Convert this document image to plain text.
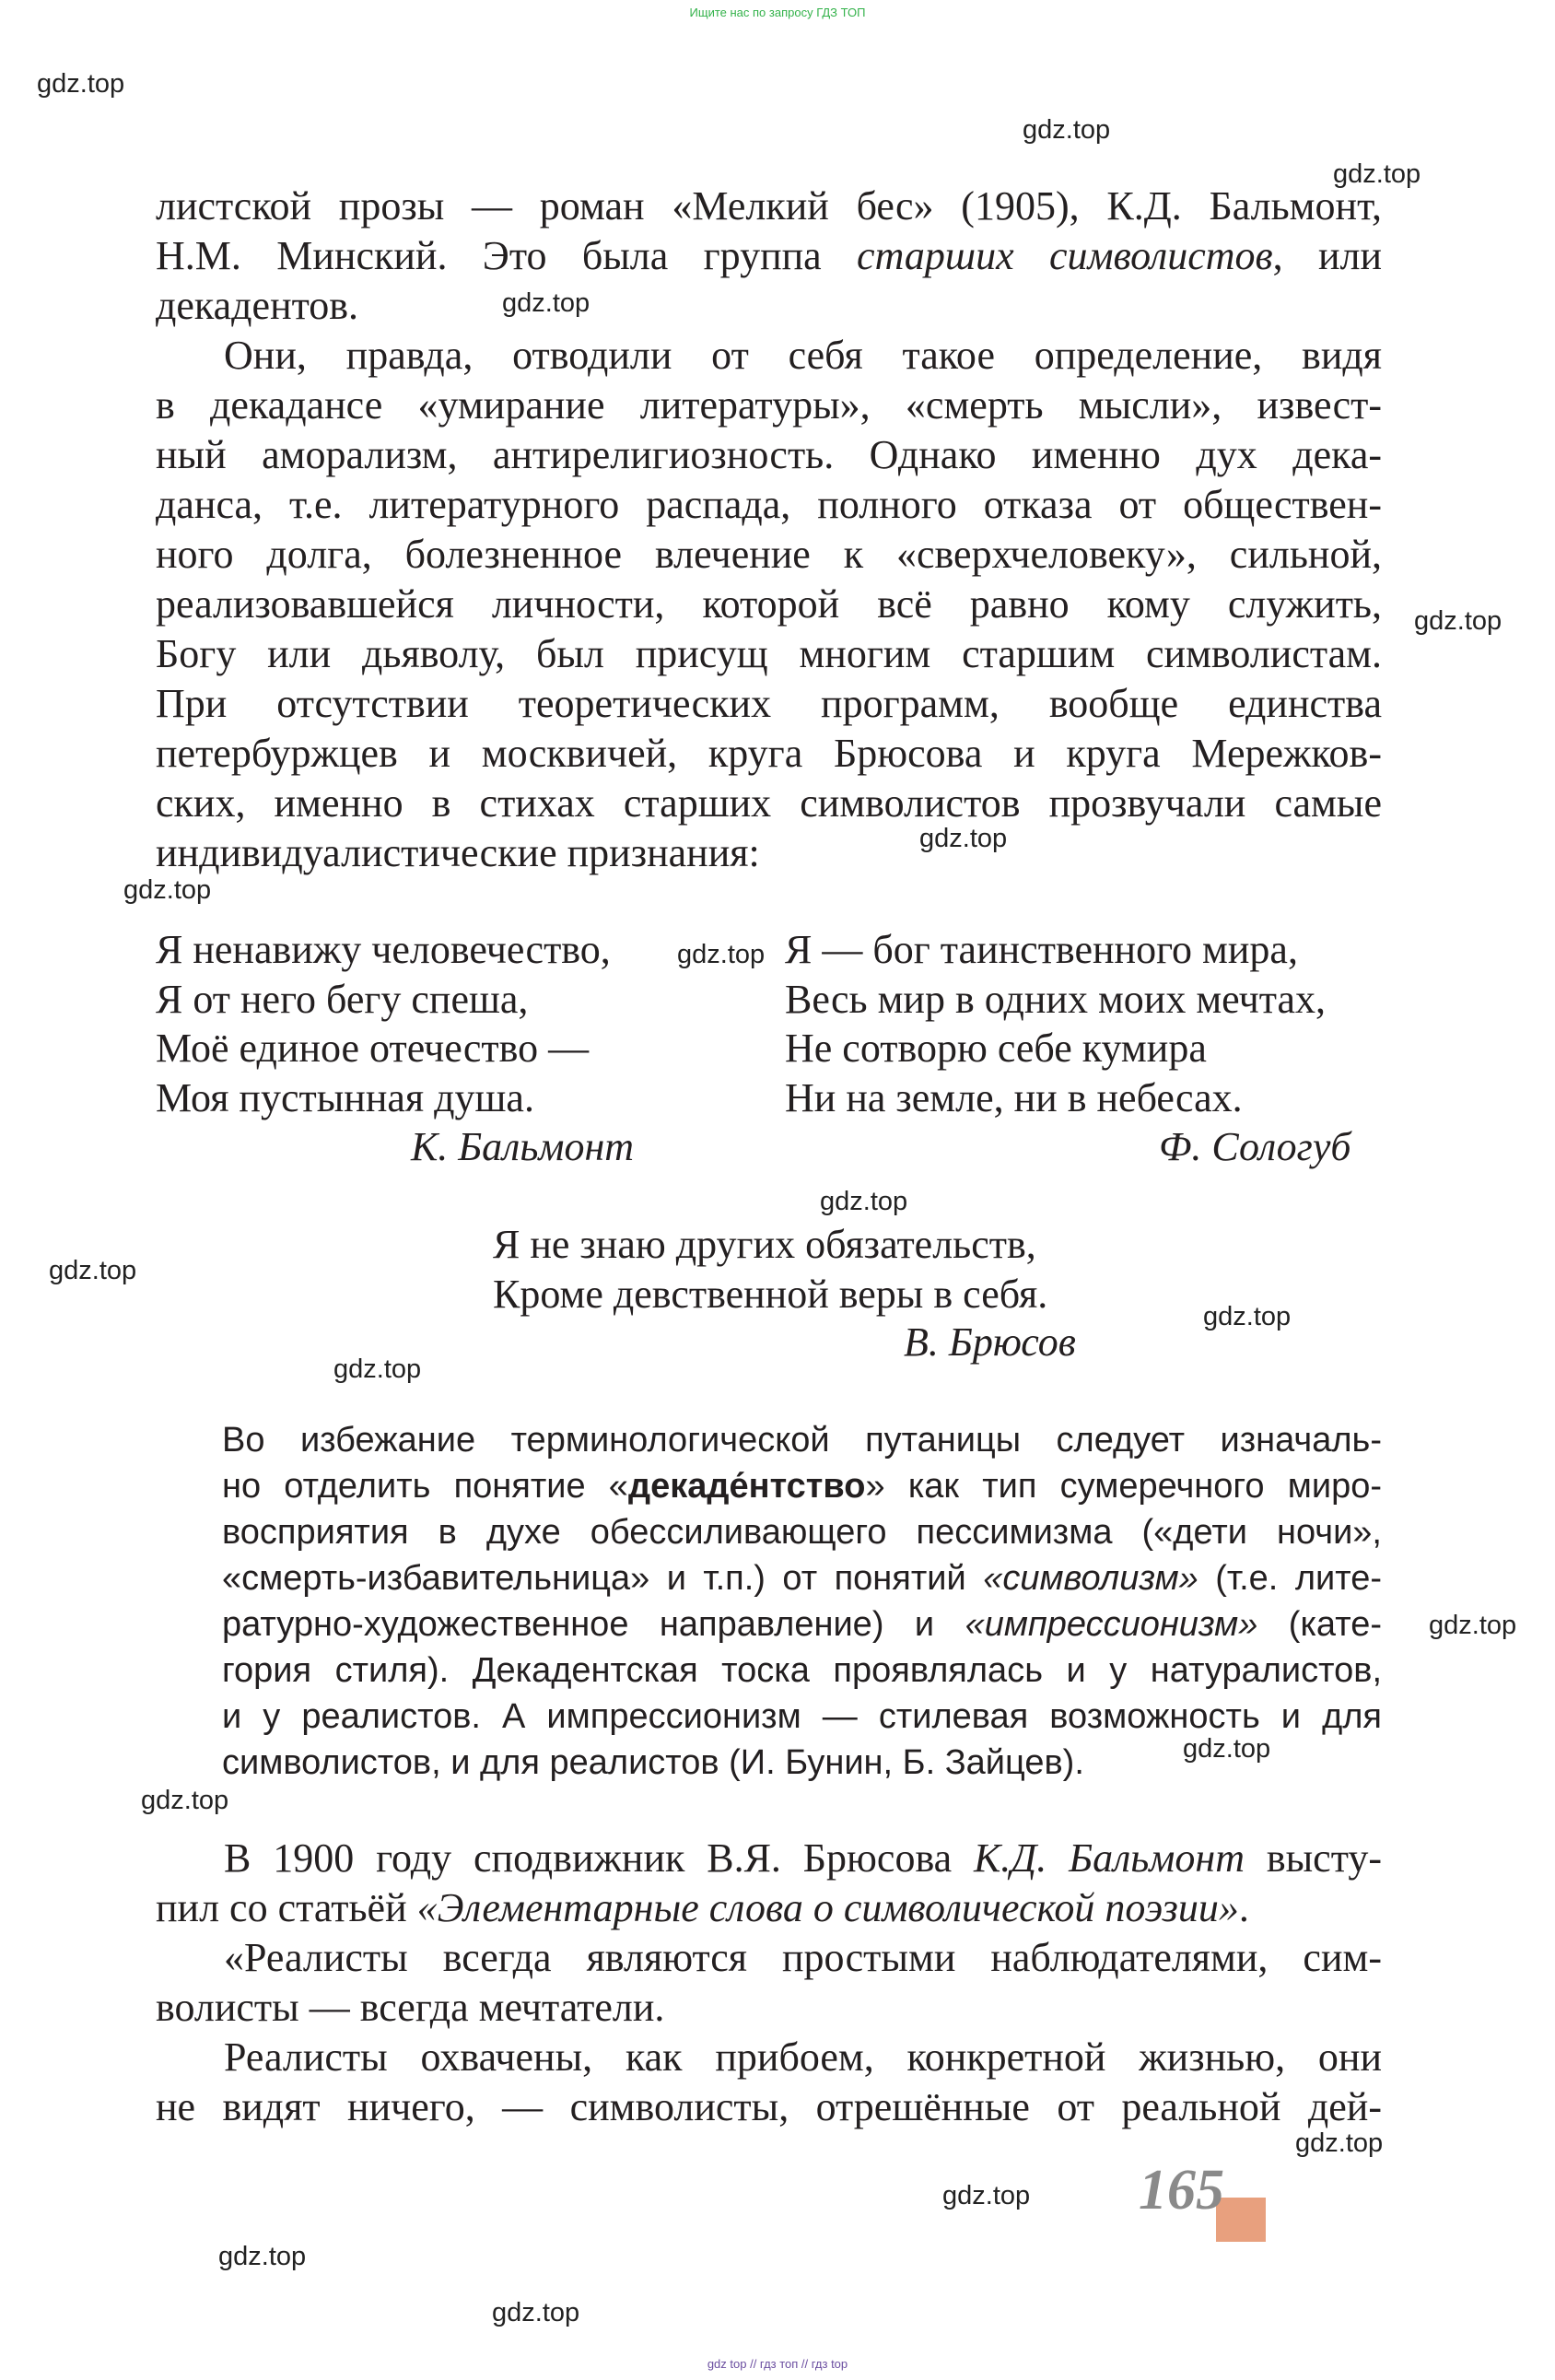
Ищите нас по запросу ГДЗ ТОП
gdz.top
gdz.top
gdz.top
gdz.top
gdz.top
gdz.top
gdz.top
gdz.top
gdz.top
gdz.top
gdz.top
gdz.top
gdz.top
gdz.top
gdz.top
gdz.top
gdz.top
gdz.top
gdz.top
листской прозы — роман «Мелкий бес» (1905), К.Д. Бальмонт,
Н.М. Минский. Это была группа старших символистов, или
декадентов.
Они, правда, отводили от себя такое определение, видя
в декадансе «умирание литературы», «смерть мысли», извест-
ный аморализм, антирелигиозность. Однако именно дух дека-
данса, т.е. литературного распада, полного отказа от обществен-
ного долга, болезненное влечение к «сверхчеловеку», сильной,
реализовавшейся личности, которой всё равно кому служить,
Богу или дьяволу, был присущ многим старшим символистам.
При отсутствии теоретических программ, вообще единства
петербуржцев и москвичей, круга Брюсова и круга Мережков-
ских, именно в стихах старших символистов прозвучали самые
индивидуалистические признания:
Я ненавижу человечество,
Я от него бегу спеша,
Моё единое отечество —
Моя пустынная душа.
К. Бальмонт
Я — бог таинственного мира,
Весь мир в одних моих мечтах,
Не сотворю себе кумира
Ни на земле, ни в небесах.
Ф. Сологуб
Я не знаю других обязательств,
Кроме девственной веры в себя.
В. Брюсов
Во избежание терминологической путаницы следует изначаль-
но отделить понятие «декаде́нтство» как тип сумеречного миро-
восприятия в духе обессиливающего пессимизма («дети ночи»,
«смерть-избавительница» и т.п.) от понятий «символизм» (т.е. лите-
ратурно-художественное направление) и «импрессионизм» (кате-
гория стиля). Декадентская тоска проявлялась и у натуралистов,
и у реалистов. А импрессионизм — стилевая возможность и для
символистов, и для реалистов (И. Бунин, Б. Зайцев).
В 1900 году сподвижник В.Я. Брюсова К.Д. Бальмонт высту-
пил со статьёй «Элементарные слова о символической поэзии».
«Реалисты всегда являются простыми наблюдателями, сим-
волисты — всегда мечтатели.
Реалисты охвачены, как прибоем, конкретной жизнью, они
не видят ничего, — символисты, отрешённые от реальной дей-
165
gdz top // гдз топ // гдз top
